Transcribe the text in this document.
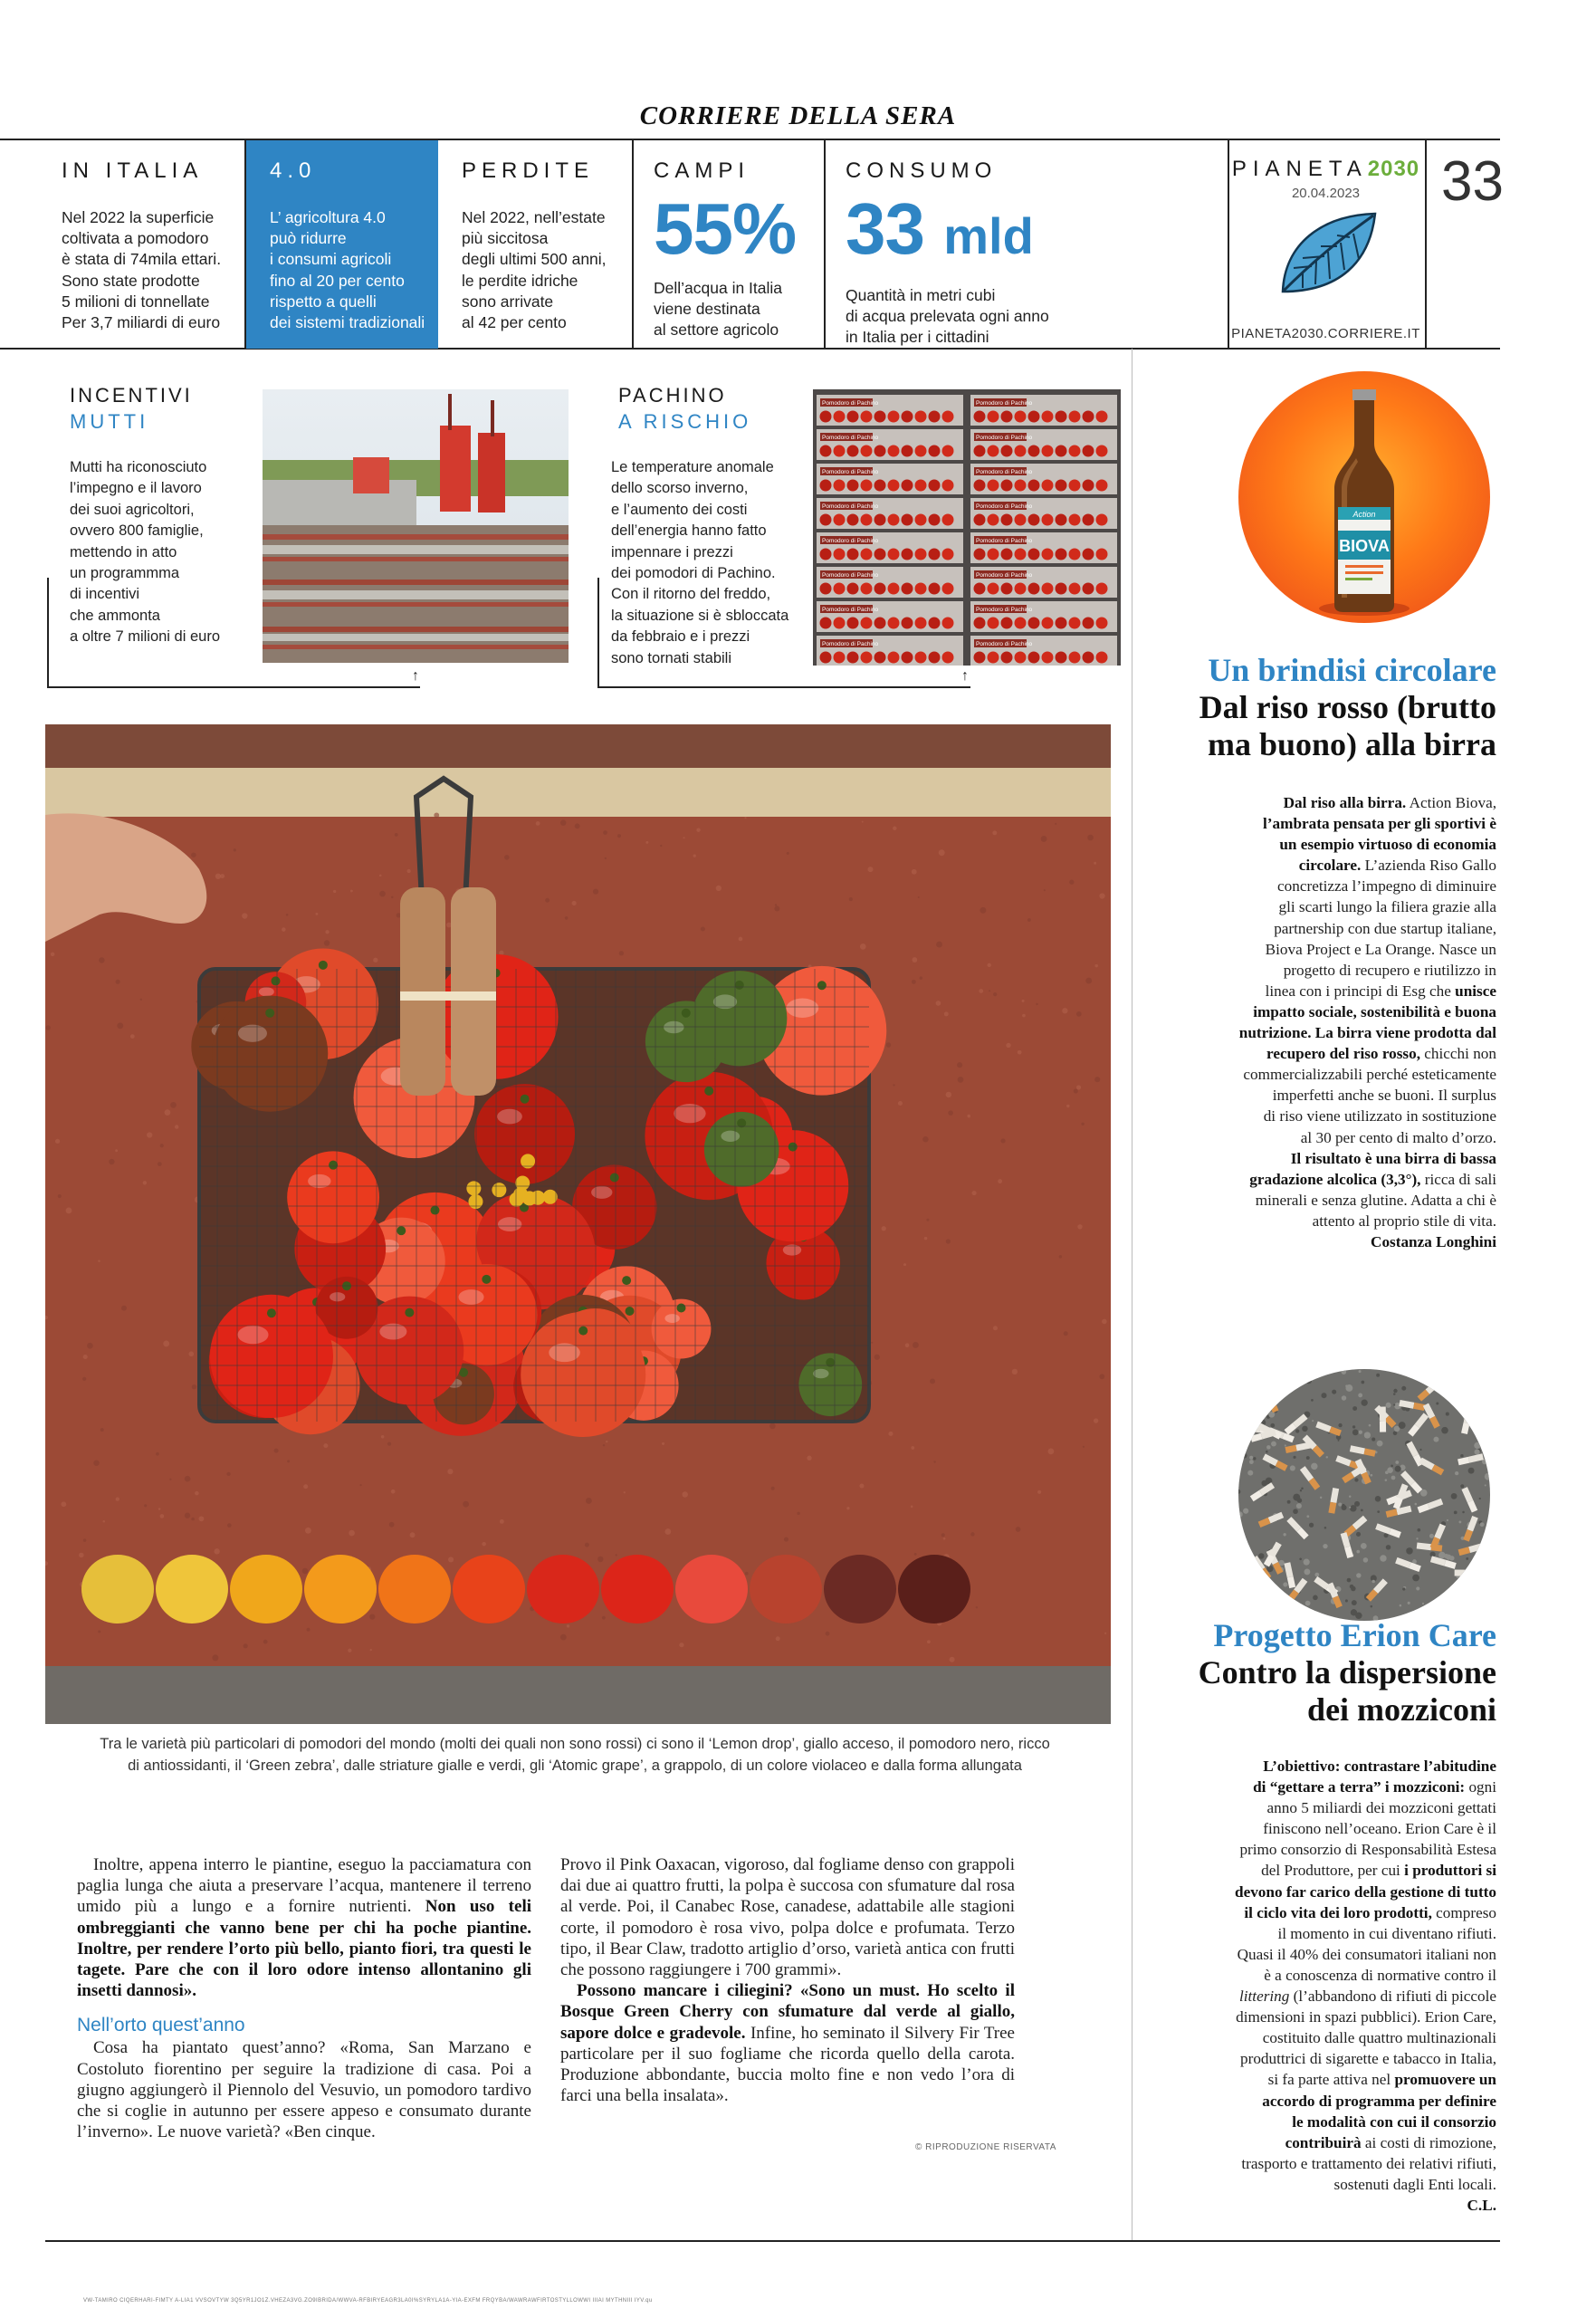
CORRIERE DELLA SERA
IN ITALIA
Nel 2022 la superficie
coltivata a pomodoro
è stata di 74mila ettari.
Sono state prodotte
5 milioni di tonnellate
Per 3,7 miliardi di euro
4.0
L’ agricoltura 4.0
può ridurre
i consumi agricoli
fino al 20 per cento
rispetto a quelli
dei sistemi tradizionali
PERDITE
Nel 2022, nell’estate
più siccitosa
degli ultimi 500 anni,
le perdite idriche
sono arrivate
al 42 per cento
CAMPI
55%
Dell’acqua in Italia
viene destinata
al settore agricolo
CONSUMO
33 mld
Quantità in metri cubi
di acqua prelevata ogni anno
in Italia per i cittadini
PIANETA2030
20.04.2023
PIANETA2030.CORRIERE.IT
33
INCENTIVI
MUTTI
Mutti ha riconosciuto
l’impegno e il lavoro
dei suoi agricoltori,
ovvero 800 famiglie,
mettendo in atto
un programmma
di incentivi
che ammonta
a oltre 7 milioni di euro
↑
PACHINO
A RISCHIO
Le temperature anomale
dello scorso inverno,
e l’aumento dei costi
dell’energia hanno fatto
impennare i prezzi
dei pomodori di Pachino.
Con il ritorno del freddo,
la situazione si è sbloccata
da febbraio e i prezzi
sono tornati stabili
Pomodoro di Pachino	Pomodoro di Pachino
Pomodoro di Pachino	Pomodoro di Pachino
Pomodoro di Pachino	Pomodoro di Pachino
Pomodoro di Pachino	Pomodoro di Pachino
Pomodoro di Pachino	Pomodoro di Pachino
Pomodoro di Pachino	Pomodoro di Pachino
Pomodoro di Pachino	Pomodoro di Pachino
Pomodoro di Pachino	Pomodoro di Pachino
↑
BIOVA
Action
Un brindisi circolare
Dal riso rosso (brutto
ma buono) alla birra
Dal riso alla birra. Action Biova,
l’ambrata pensata per gli sportivi è
un esempio virtuoso di economia
circolare. L’azienda Riso Gallo
concretizza l’impegno di diminuire
gli scarti lungo la filiera grazie alla
partnership con due startup italiane,
Biova Project e La Orange. Nasce un
progetto di recupero e riutilizzo in
linea con i principi di Esg che unisce
impatto sociale, sostenibilità e buona
nutrizione. La birra viene prodotta dal
recupero del riso rosso, chicchi non
commercializzabili perché esteticamente
imperfetti anche se buoni. Il surplus
di riso viene utilizzato in sostituzione
al 30 per cento di malto d’orzo.
Il risultato è una birra di bassa
gradazione alcolica (3,3°), ricca di sali
minerali e senza glutine. Adatta a chi è
attento al proprio stile di vita.
Costanza Longhini
Progetto Erion Care
Contro la dispersione
dei mozziconi
L’obiettivo: contrastare l’abitudine
di “gettare a terra” i mozziconi: ogni
anno 5 miliardi dei mozziconi gettati
finiscono nell’oceano. Erion Care è il
primo consorzio di Responsabilità Estesa
del Produttore, per cui i produttori si
devono far carico della gestione di tutto
il ciclo vita dei loro prodotti, compreso
il momento in cui diventano rifiuti.
Quasi il 40% dei consumatori italiani non
è a conoscenza di normative contro il
littering (l’abbandono di rifiuti di piccole
dimensioni in spazi pubblici). Erion Care,
costituito dalle quattro multinazionali
produttrici di sigarette e tabacco in Italia,
si fa parte attiva nel promuovere un
accordo di programma per definire
le modalità con cui il consorzio
contribuirà ai costi di rimozione,
trasporto e trattamento dei relativi rifiuti,
sostenuti dagli Enti locali.
C.L.
Tra le varietà più particolari di pomodori del mondo (molti dei quali non sono rossi) ci sono il ‘Lemon drop’, giallo acceso, il pomodoro nero, ricco
di antiossidanti, il ‘Green zebra’, dalle striature gialle e verdi, gli ‘Atomic grape’, a grappolo, di un colore violaceo e dalla forma allungata
Inoltre, appena interro le piantine, eseguo la pacciamatura con paglia lunga che aiuta a preservare l’acqua, mantenere il terreno umido più a lungo e a fornire nutrienti. Non uso teli ombreggianti che vanno bene per chi ha poche piantine. Inoltre, per rendere l’orto più bello, pianto fiori, tra questi le tagete. Pare che con il loro odore intenso allontanino gli insetti dannosi».
Nell’orto quest’anno
Cosa ha piantato quest’anno? «Roma, San Marzano e Costoluto fiorentino per seguire la tradizione di casa. Poi a giugno aggiungerò il Piennolo del Vesuvio, un pomodoro tardivo che si coglie in autunno per essere appeso e consumato durante l’inverno». Le nuove varietà? «Ben cinque.
Provo il Pink Oaxacan, vigoroso, dal fogliame denso con grappoli dai due ai quattro frutti, la polpa è succosa con sfumature dal rosa al verde. Poi, il Canabec Rose, canadese, adattabile alle stagioni corte, il pomodoro è rosa vivo, polpa dolce e profumata. Terzo tipo, il Bear Claw, tradotto artiglio d’orso, varietà antica con frutti che possono raggiungere i 700 grammi».
Possono mancare i ciliegini? «Sono un must. Ho scelto il Bosque Green Cherry con sfumature dal verde al giallo, sapore dolce e gradevole. Infine, ho seminato il Silvery Fir Tree particolare per il suo fogliame che ricorda quello della carota. Produzione abbondante, buccia molto fine e non vedo l’ora di farci una bella insalata».
© RIPRODUZIONE RISERVATA
VW-TAMIRO CIQERHARI-FIMTY A-LIA1 VVSOVTYW 3Q5YR1JO1Z.VHEZA3VG.ZO9IBRIDA/WWVA-RFBIRYEAGR3LA0I%SYRYLA1A-YIA-EXFM FRQYBA/WAWRAWFIRTOSTYLLOWWI IIIAI MYTHNIII IYV.qu
